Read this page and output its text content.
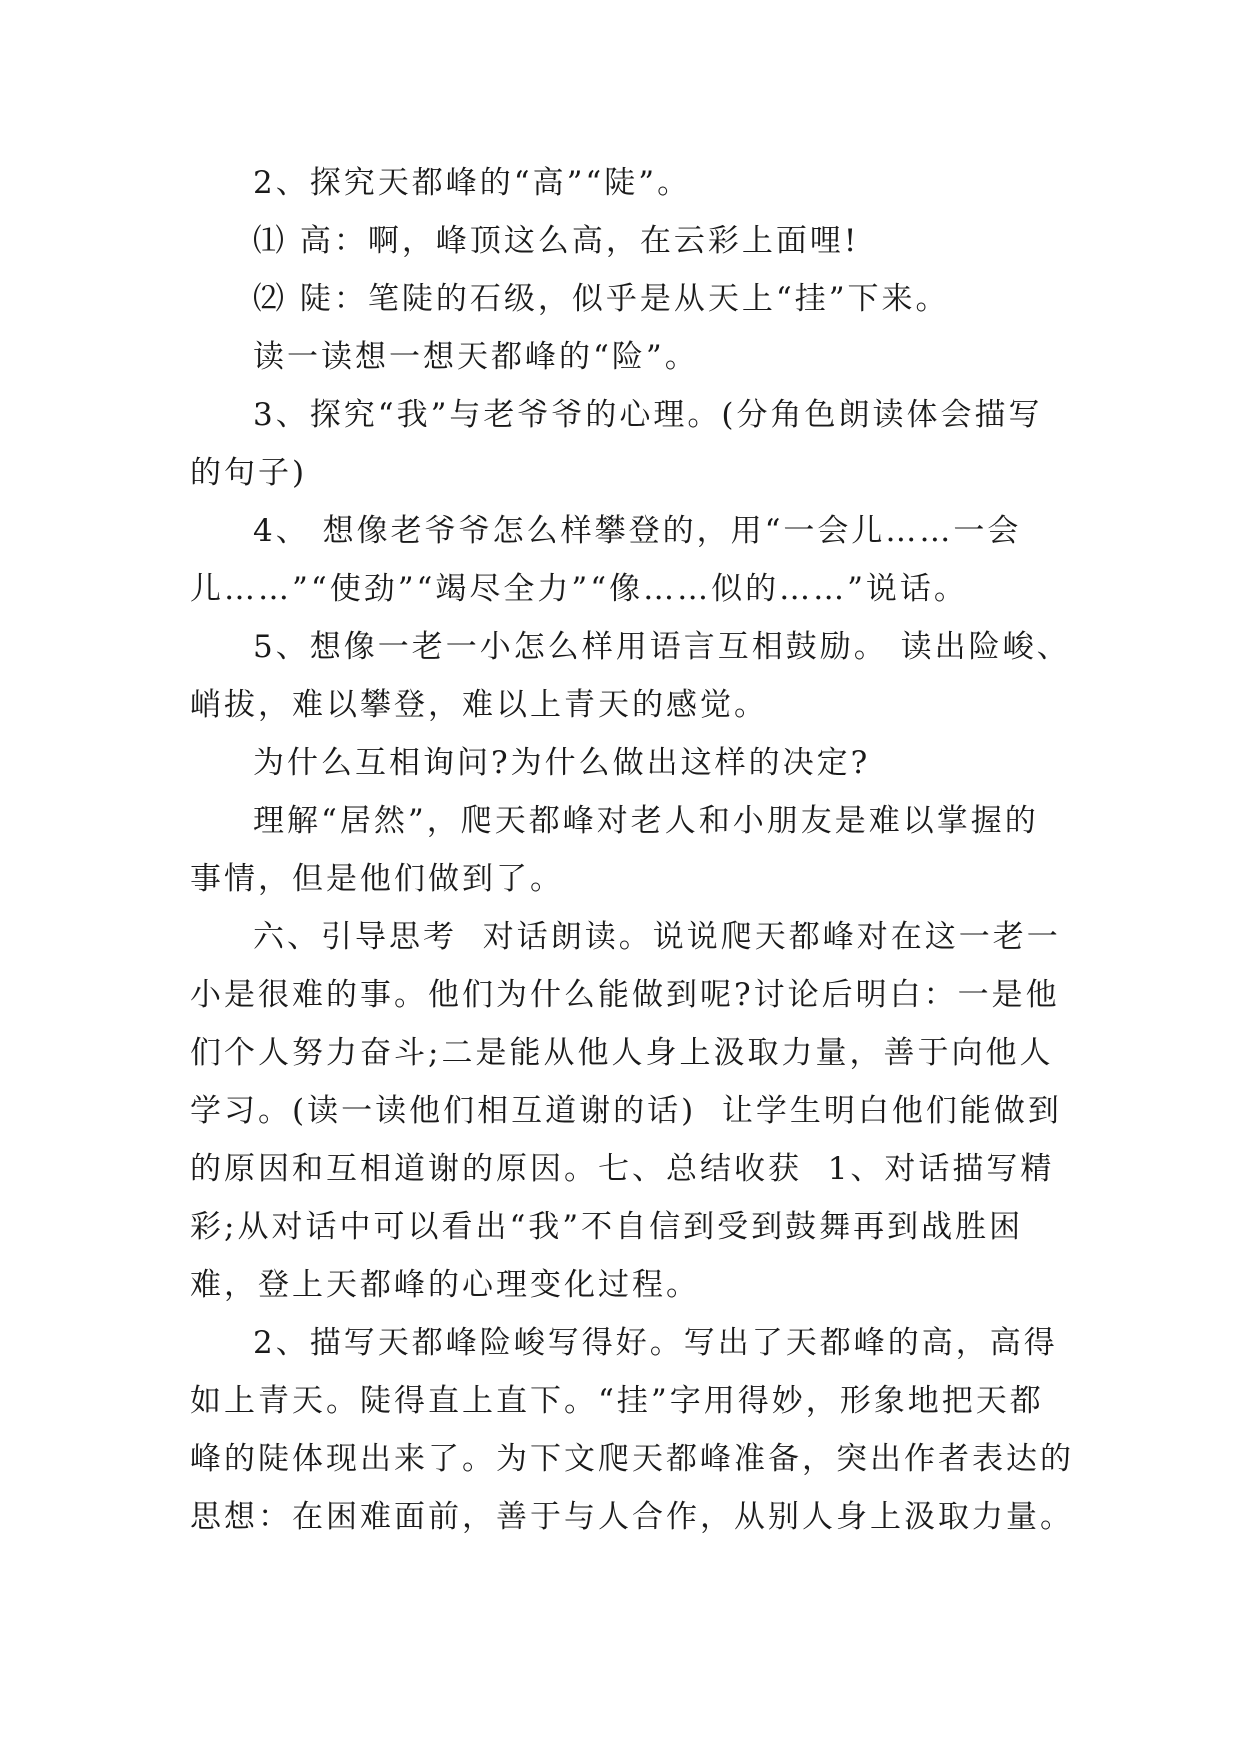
2、探究天都峰的“高”“陡”。
⑴ 高：啊，峰顶这么高，在云彩上面哩!
⑵ 陡：笔陡的石级，似乎是从天上“挂”下来。
读一读想一想天都峰的“险”。
3、探究“我”与老爷爷的心理。(分角色朗读体会描写
的句子)
4、 想像老爷爷怎么样攀登的，用“一会儿……一会
儿……”“使劲”“竭尽全力”“像……似的……”说话。
5、想像一老一小怎么样用语言互相鼓励。 读出险峻、
峭拔，难以攀登，难以上青天的感觉。
为什么互相询问?为什么做出这样的决定?
理解“居然”，爬天都峰对老人和小朋友是难以掌握的
事情，但是他们做到了。
六、引导思考  对话朗读。说说爬天都峰对在这一老一
小是很难的事。他们为什么能做到呢?讨论后明白：一是他
们个人努力奋斗;二是能从他人身上汲取力量，善于向他人
学习。(读一读他们相互道谢的话)  让学生明白他们能做到
的原因和互相道谢的原因。七、总结收获  1、对话描写精
彩;从对话中可以看出“我”不自信到受到鼓舞再到战胜困
难，登上天都峰的心理变化过程。
2、描写天都峰险峻写得好。写出了天都峰的高，高得
如上青天。陡得直上直下。“挂”字用得妙，形象地把天都
峰的陡体现出来了。为下文爬天都峰准备，突出作者表达的
思想：在困难面前，善于与人合作，从别人身上汲取力量。
